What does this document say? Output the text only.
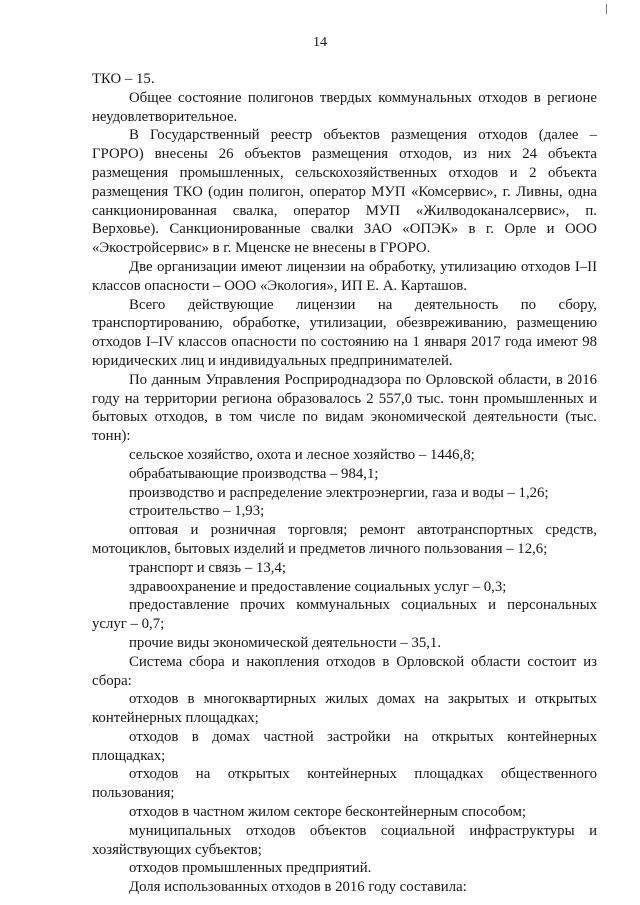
14

ТКО – 15.

Общее состояние полигонов твердых коммунальных отходов в регионе неудовлетворительное.

В Государственный реестр объектов размещения отходов (далее – ГРОРО) внесены 26 объектов размещения отходов, из них 24 объекта размещения промышленных, сельскохозяйственных отходов и 2 объекта размещения ТКО (один полигон, оператор МУП «Комсервис», г. Ливны, одна санкционированная свалка, оператор МУП «Жилводоканалсервис», п. Верховье). Санкционированные свалки ЗАО «ОПЭК» в г. Орле и ООО «Экостройсервис» в г. Мценске не внесены в ГРОРО.

Две организации имеют лицензии на обработку, утилизацию отходов I–II классов опасности – ООО «Экология», ИП Е. А. Карташов.

Всего действующие лицензии на деятельность по сбору, транспортированию, обработке, утилизации, обезвреживанию, размещению отходов I–IV классов опасности по состоянию на 1 января 2017 года имеют 98 юридических лиц и индивидуальных предпринимателей.

По данным Управления Росприроднадзора по Орловской области, в 2016 году на территории региона образовалось 2 557,0 тыс. тонн промышленных и бытовых отходов, в том числе по видам экономической деятельности (тыс. тонн):

сельское хозяйство, охота и лесное хозяйство – 1446,8;

обрабатывающие производства – 984,1;

производство и распределение электроэнергии, газа и воды – 1,26;

строительство – 1,93;

оптовая и розничная торговля; ремонт автотранспортных средств, мотоциклов, бытовых изделий и предметов личного пользования – 12,6;

транспорт и связь – 13,4;

здравоохранение и предоставление социальных услуг – 0,3;

предоставление прочих коммунальных социальных и персональных услуг – 0,7;

прочие виды экономической деятельности – 35,1.

Система сбора и накопления отходов в Орловской области состоит из сбора:

отходов в многоквартирных жилых домах на закрытых и открытых контейнерных площадках;

отходов в домах частной застройки на открытых контейнерных площадках;

отходов на открытых контейнерных площадках общественного пользования;

отходов в частном жилом секторе бесконтейнерным способом;

муниципальных отходов объектов социальной инфраструктуры и хозяйствующих субъектов;

отходов промышленных предприятий.

Доля использованных отходов в 2016 году составила:
